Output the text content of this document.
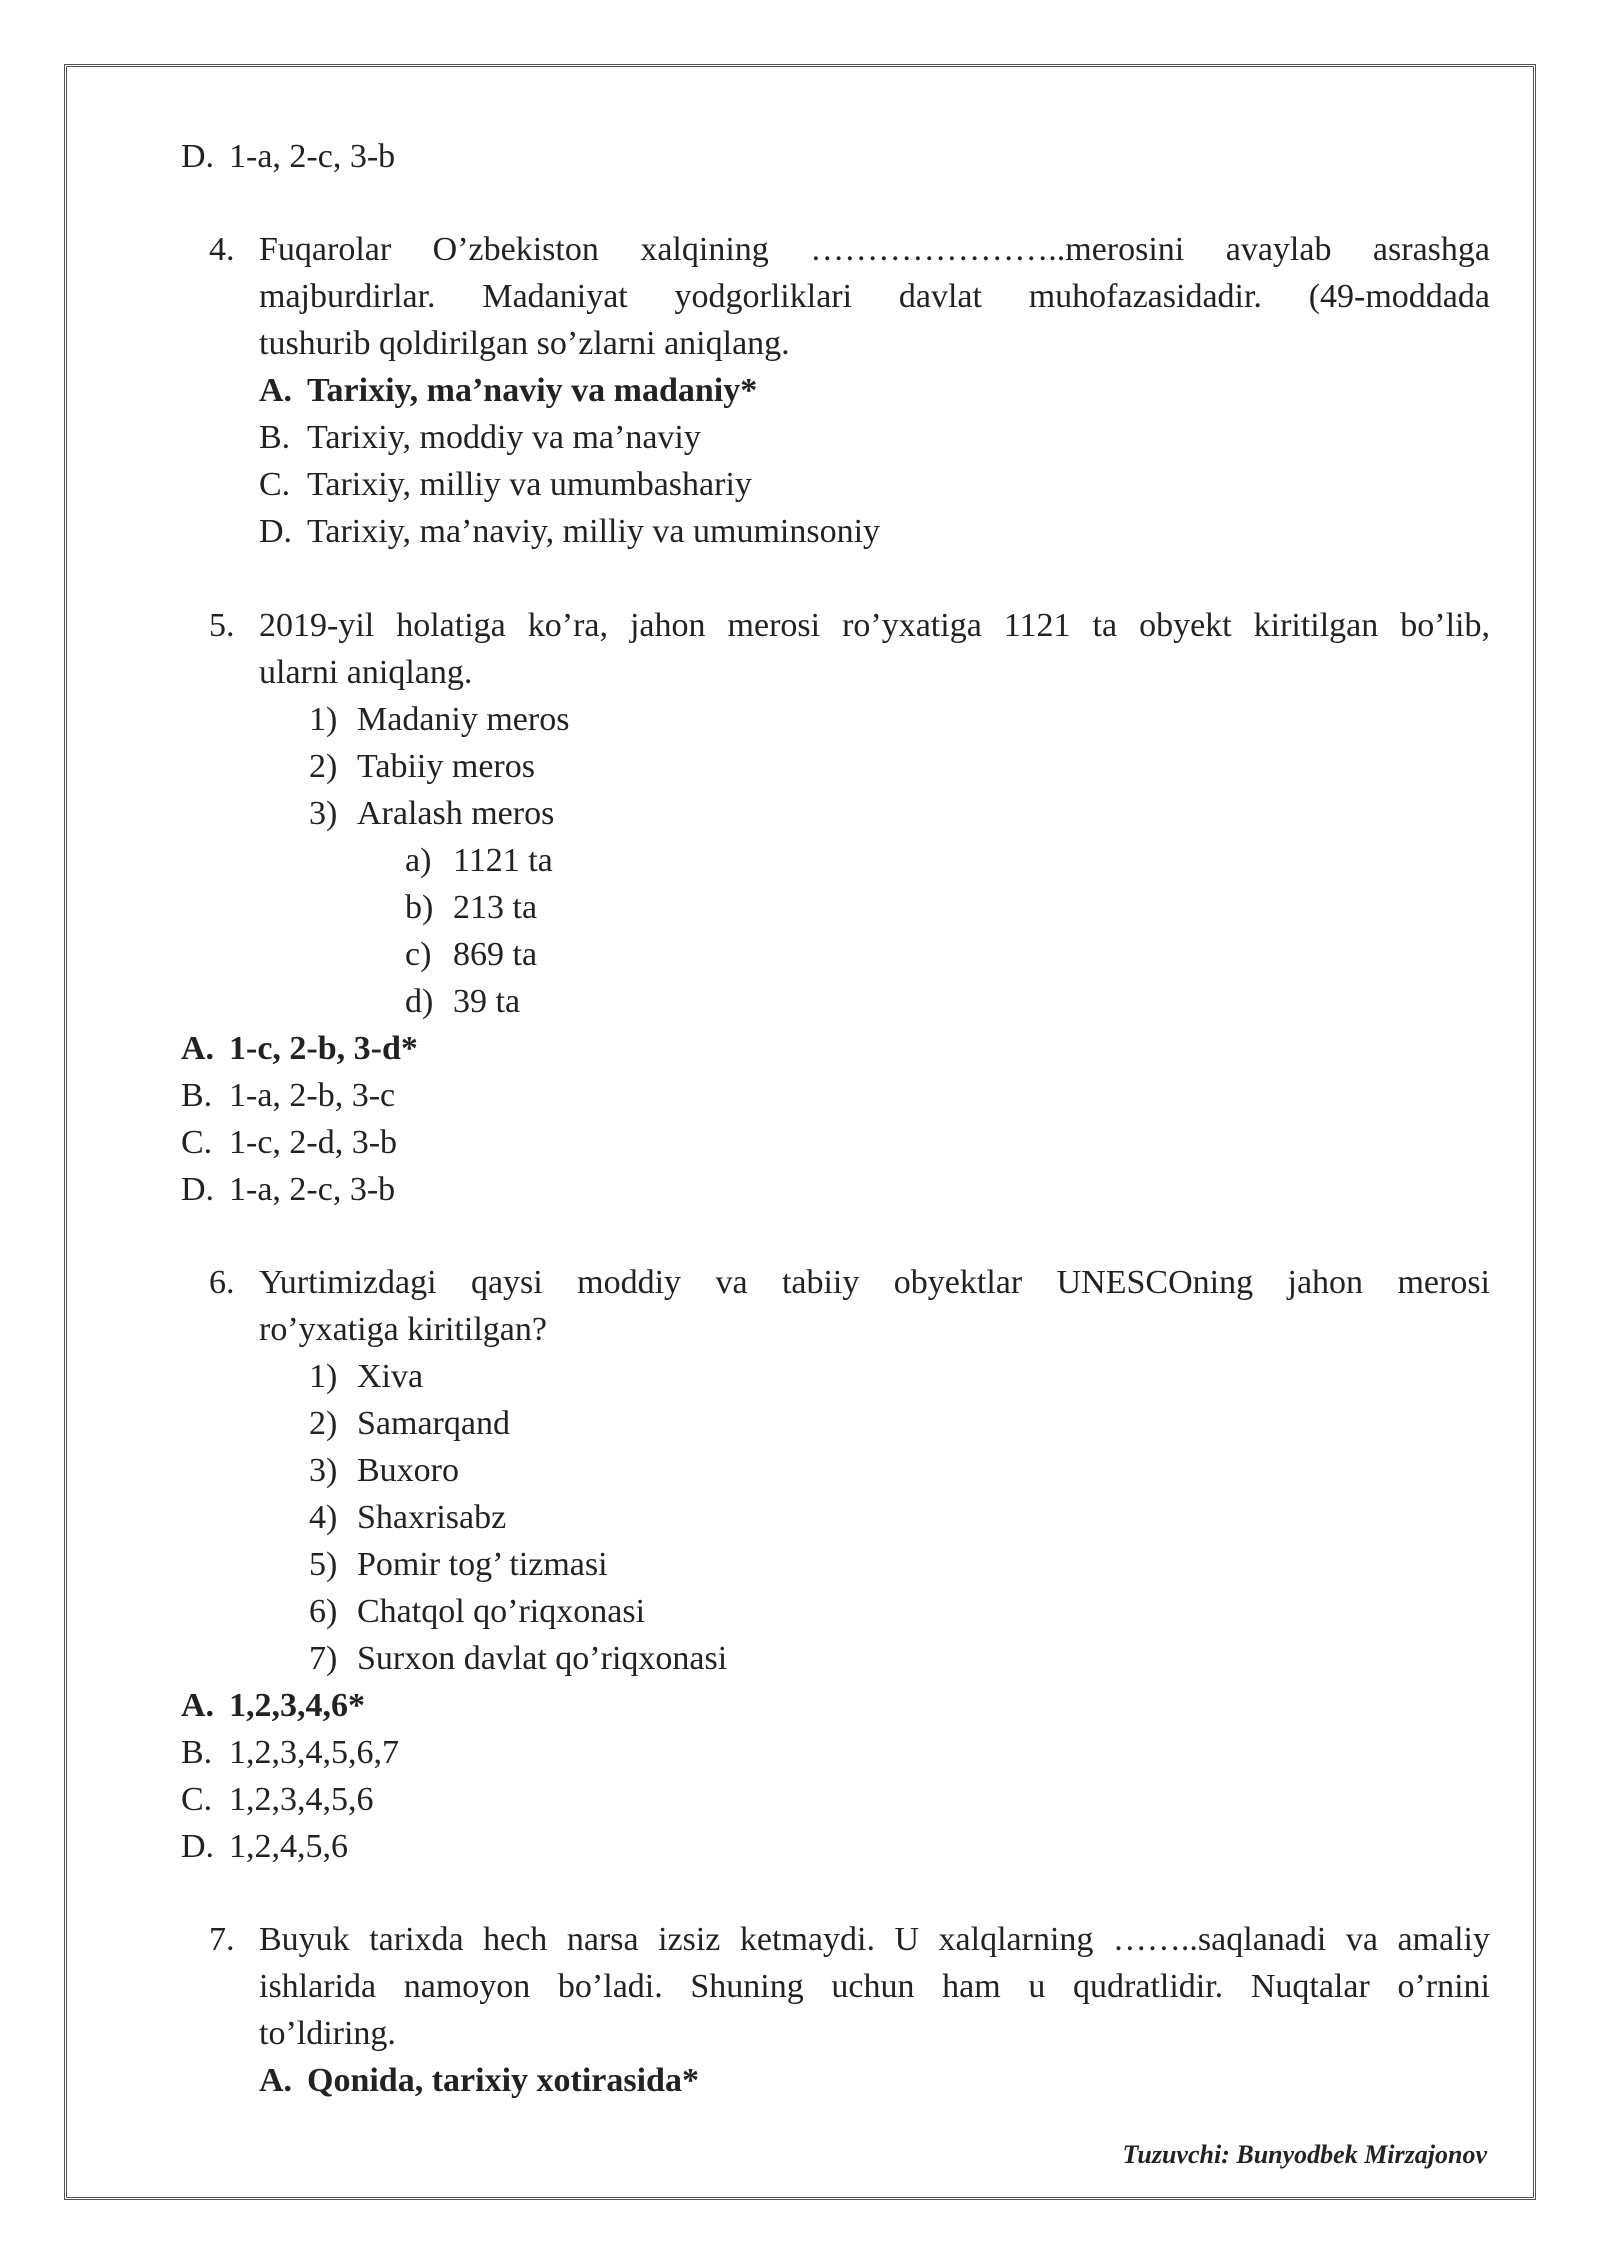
D. 1-a, 2-c, 3-b
4. Fuqarolar O’zbekiston xalqining …………………..merosini avaylab asrashga
majburdirlar. Madaniyat yodgorliklari davlat muhofazasidadir. (49-moddada
tushurib qoldirilgan so’zlarni aniqlang.
A. Tarixiy, ma’naviy va madaniy*
B. Tarixiy, moddiy va ma’naviy
C. Tarixiy, milliy va umumbashariy
D. Tarixiy, ma’naviy, milliy va umuminsoniy
5. 2019-yil holatiga ko’ra, jahon merosi ro’yxatiga 1121 ta obyekt kiritilgan bo’lib,
ularni aniqlang.
1) Madaniy meros
2) Tabiiy meros
3) Aralash meros
a) 1121 ta
b) 213 ta
c) 869 ta
d) 39 ta
A. 1-c, 2-b, 3-d*
B. 1-a, 2-b, 3-c
C. 1-c, 2-d, 3-b
D. 1-a, 2-c, 3-b
6. Yurtimizdagi qaysi moddiy va tabiiy obyektlar UNESCOning jahon merosi
ro’yxatiga kiritilgan?
1) Xiva
2) Samarqand
3) Buxoro
4) Shaxrisabz
5) Pomir tog’ tizmasi
6) Chatqol qo’riqxonasi
7) Surxon davlat qo’riqxonasi
A. 1,2,3,4,6*
B. 1,2,3,4,5,6,7
C. 1,2,3,4,5,6
D. 1,2,4,5,6
7. Buyuk tarixda hech narsa izsiz ketmaydi. U xalqlarning ……..saqlanadi va amaliy
ishlarida namoyon bo’ladi. Shuning uchun ham u qudratlidir. Nuqtalar o’rnini
to’ldiring.
A. Qonida, tarixiy xotirasida*
Tuzuvchi: Bunyodbek Mirzajonov
